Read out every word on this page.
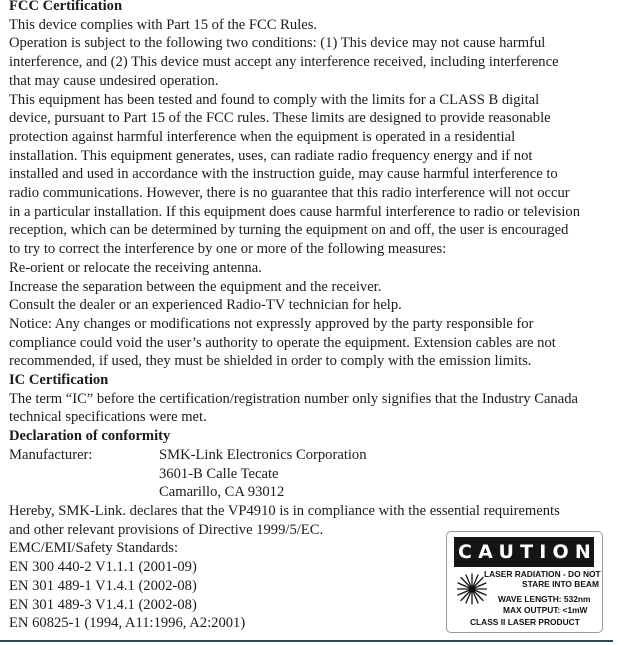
FCC Certification
This device complies with Part 15 of the FCC Rules.
Operation is subject to the following two conditions: (1) This device may not cause harmful
interference, and (2) This device must accept any interference received, including interference
that may cause undesired operation.
This equipment has been tested and found to comply with the limits for a CLASS B digital
device, pursuant to Part 15 of the FCC rules. These limits are designed to provide reasonable
protection against harmful interference when the equipment is operated in a residential
installation. This equipment generates, uses, can radiate radio frequency energy and if not
installed and used in accordance with the instruction guide, may cause harmful interference to
radio communications. However, there is no guarantee that this radio interference will not occur
in a particular installation. If this equipment does cause harmful interference to radio or television
reception, which can be determined by turning the equipment on and off, the user is encouraged
to try to correct the interference by one or more of the following measures:
Re-orient or relocate the receiving antenna.
Increase the separation between the equipment and the receiver.
Consult the dealer or an experienced Radio-TV technician for help.
Notice: Any changes or modifications not expressly approved by the party responsible for
compliance could void the user’s authority to operate the equipment. Extension cables are not
recommended, if used, they must be shielded in order to comply with the emission limits.
IC Certification
The term “IC” before the certification/registration number only signifies that the Industry Canada
technical specifications were met.
Declaration of conformity
Manufacturer:	SMK-Link Electronics Corporation
3601-B Calle Tecate
Camarillo, CA 93012
Hereby, SMK-Link. declares that the VP4910 is in compliance with the essential requirements
and other relevant provisions of Directive 1999/5/EC.
EMC/EMI/Safety Standards:
EN 300 440-2 V1.1.1 (2001-09)
EN 301 489-1 V1.4.1 (2002-08)
EN 301 489-3 V1.4.1 (2002-08)
EN 60825-1 (1994, A11:1996, A2:2001)
CAUTION
LASER RADIATION - DO NOT
STARE INTO BEAM
WAVE LENGTH: 532nm
MAX OUTPUT: <1mW
CLASS II LASER PRODUCT
